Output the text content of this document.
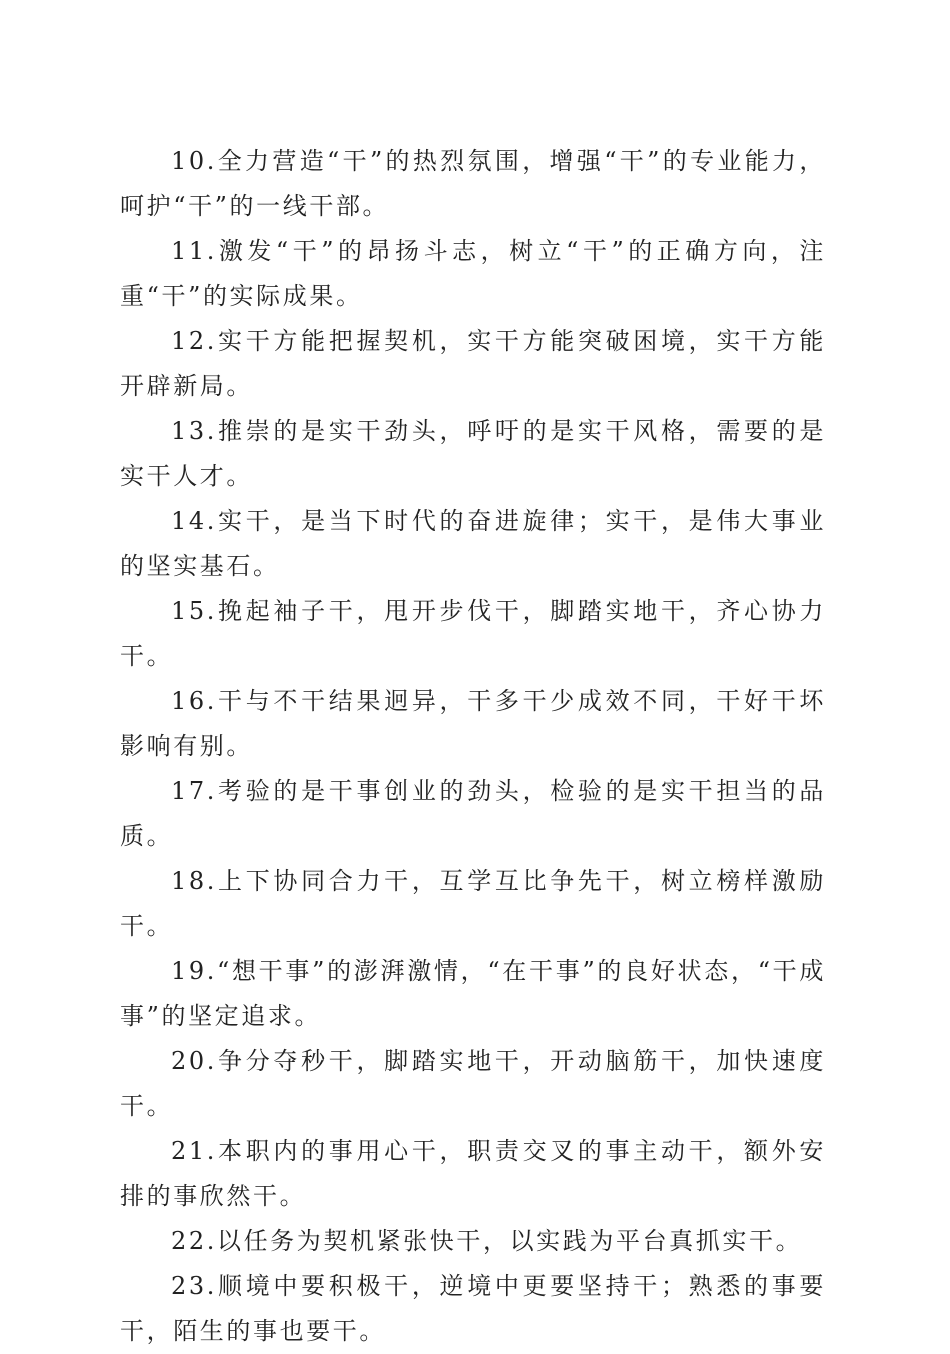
10.全力营造“干”的热烈氛围，增强“干”的专业能力，呵护“干”的一线干部。

11.激发“干”的昂扬斗志，树立“干”的正确方向，注重“干”的实际成果。

12.实干方能把握契机，实干方能突破困境，实干方能开辟新局。

13.推崇的是实干劲头，呼吁的是实干风格，需要的是实干人才。

14.实干，是当下时代的奋进旋律；实干，是伟大事业的坚实基石。

15.挽起袖子干，甩开步伐干，脚踏实地干，齐心协力干。

16.干与不干结果迥异，干多干少成效不同，干好干坏影响有别。

17.考验的是干事创业的劲头，检验的是实干担当的品质。

18.上下协同合力干，互学互比争先干，树立榜样激励干。

19.“想干事”的澎湃激情，“在干事”的良好状态，“干成事”的坚定追求。

20.争分夺秒干，脚踏实地干，开动脑筋干，加快速度干。

21.本职内的事用心干，职责交叉的事主动干，额外安排的事欣然干。

22.以任务为契机紧张快干，以实践为平台真抓实干。

23.顺境中要积极干，逆境中更要坚持干；熟悉的事要干，陌生的事也要干。
